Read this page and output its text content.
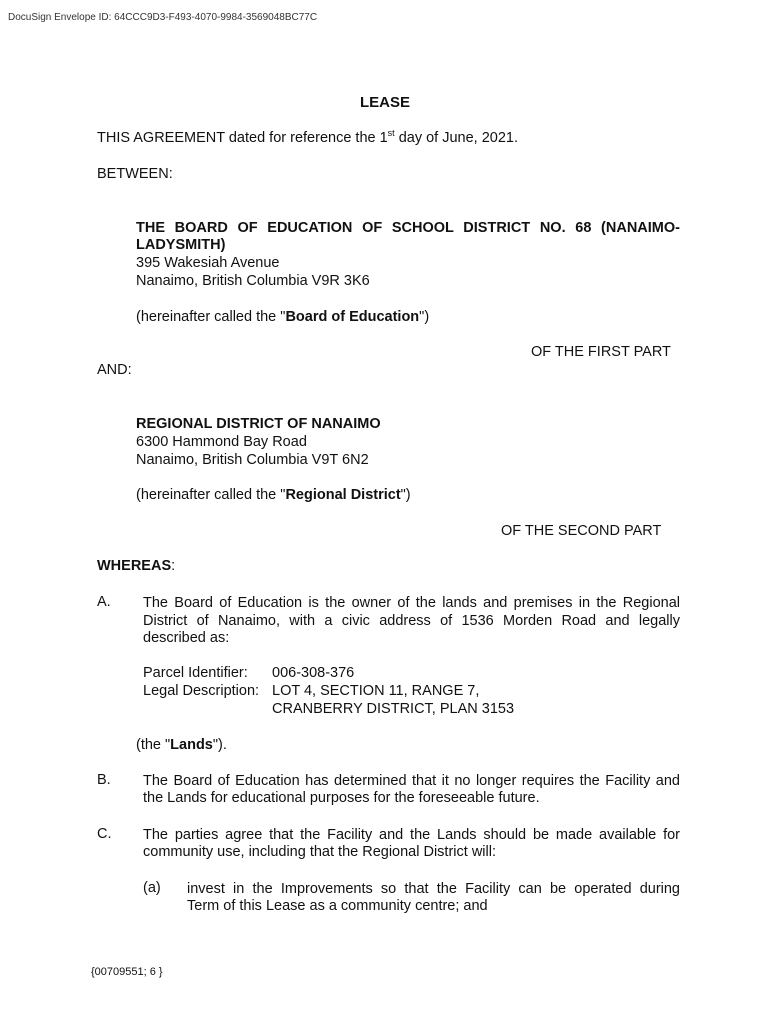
DocuSign Envelope ID: 64CCC9D3-F493-4070-9984-3569048BC77C
LEASE
THIS AGREEMENT dated for reference the 1st day of June, 2021.
BETWEEN:
THE BOARD OF EDUCATION OF SCHOOL DISTRICT NO. 68 (NANAIMO-
LADYSMITH)
395 Wakesiah Avenue
Nanaimo, British Columbia V9R 3K6
(hereinafter called the "Board of Education")
OF THE FIRST PART
AND:
REGIONAL DISTRICT OF NANAIMO
6300 Hammond Bay Road
Nanaimo, British Columbia V9T 6N2
(hereinafter called the "Regional District")
OF THE SECOND PART
WHEREAS:
A. The Board of Education is the owner of the lands and premises in the Regional
District of Nanaimo, with a civic address of 1536 Morden Road and legally
described as:
Parcel Identifier: 006-308-376
Legal Description: LOT 4, SECTION 11, RANGE 7,
CRANBERRY DISTRICT, PLAN 3153
(the "Lands").
B. The Board of Education has determined that it no longer requires the Facility and
the Lands for educational purposes for the foreseeable future.
C. The parties agree that the Facility and the Lands should be made available for
community use, including that the Regional District will:
(a) invest in the Improvements so that the Facility can be operated during
Term of this Lease as a community centre; and
{00709551; 6 }
